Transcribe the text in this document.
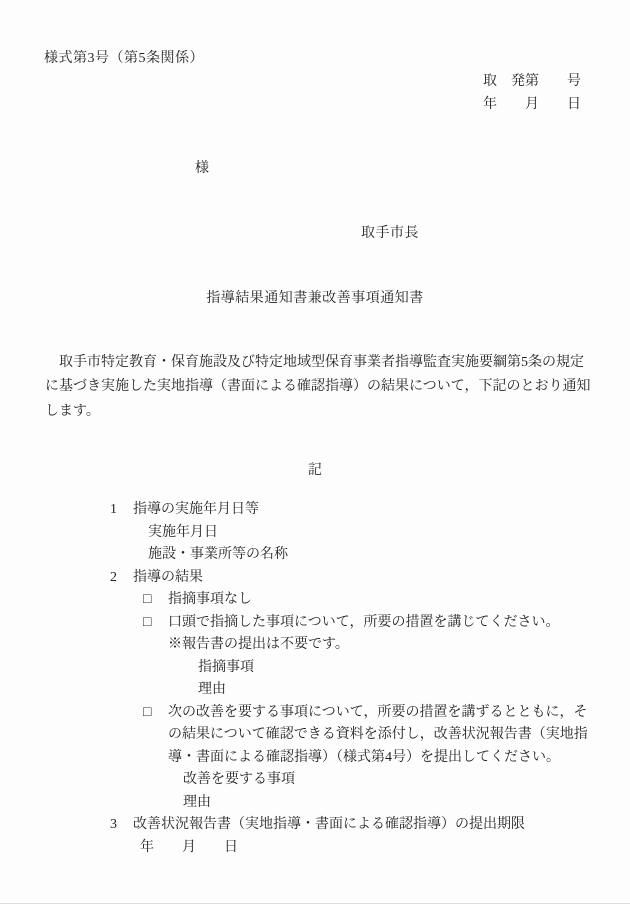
様式第3号（第5条関係）
取　発第　　号
年　　月　　日
様
取手市長
指導結果通知書兼改善事項通知書
　取手市特定教育・保育施設及び特定地域型保育事業者指導監査実施要綱第5条の規定
に基づき実施した実地指導（書面による確認指導）の結果について，下記のとおり通知
します。
記
1 指導の実施年月日等
実施年月日
施設・事業所等の名称
2 指導の結果
□ 指摘事項なし
□ 口頭で指摘した事項について，所要の措置を講じてください。
※報告書の提出は不要です。
指摘事項
理由
□ 次の改善を要する事項について，所要の措置を講ずるとともに，そ
の結果について確認できる資料を添付し，改善状況報告書（実地指
導・書面による確認指導）（様式第4号）を提出してください。
改善を要する事項
理由
3 改善状況報告書（実地指導・書面による確認指導）の提出期限
年　　月　　日
